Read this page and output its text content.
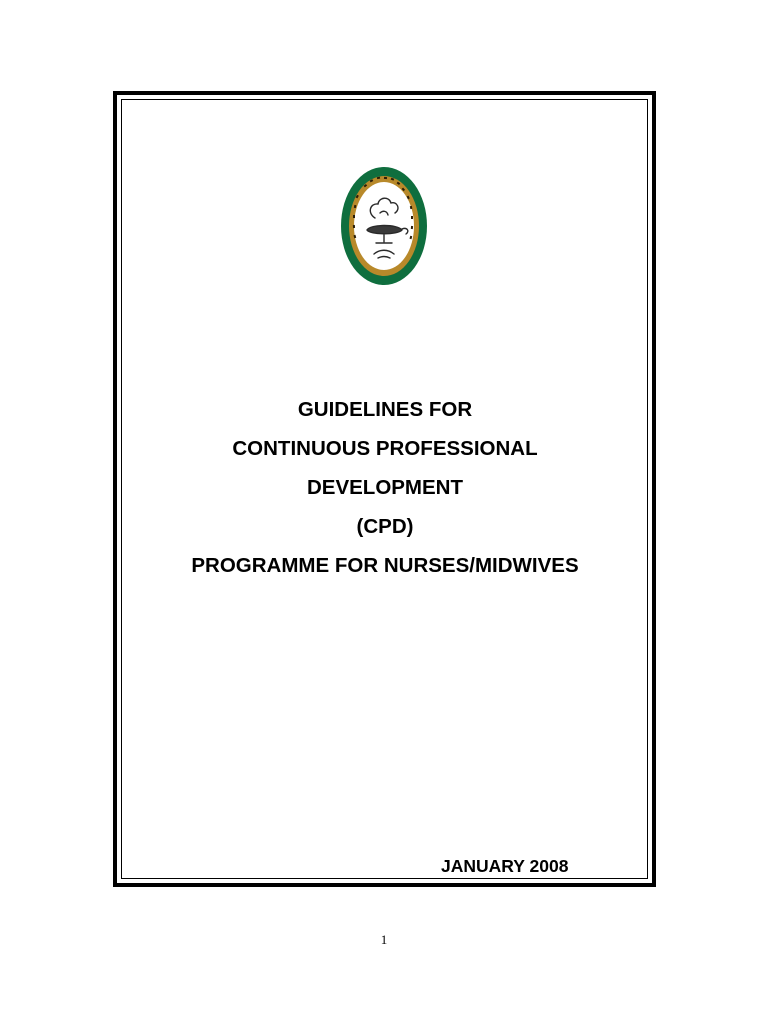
GUIDELINES FOR
CONTINUOUS PROFESSIONAL
DEVELOPMENT
(CPD)
PROGRAMME FOR NURSES/MIDWIVES
JANUARY 2008
1
